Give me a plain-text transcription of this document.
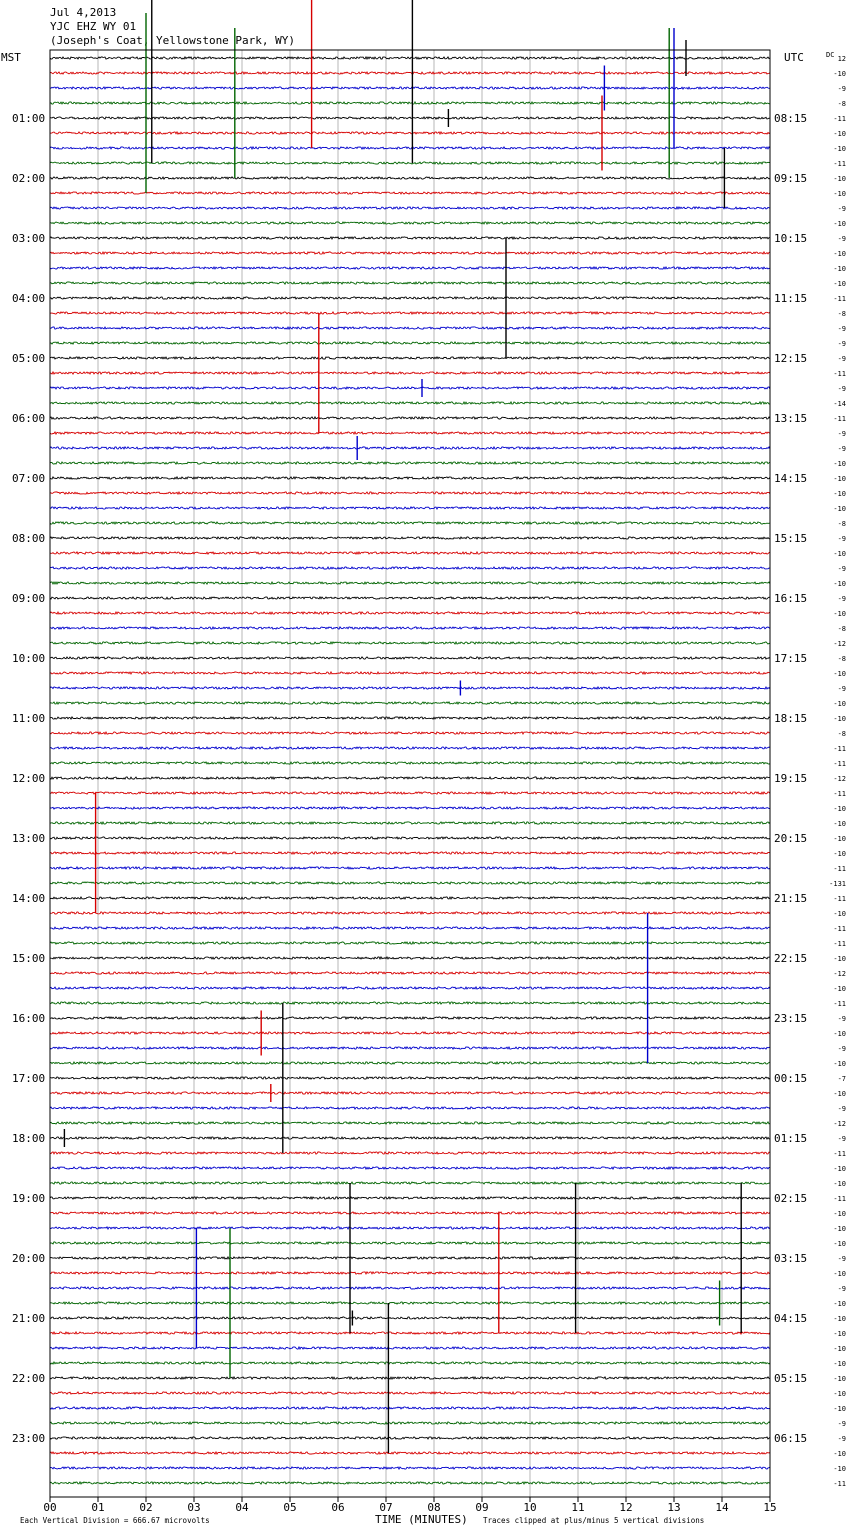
Jul 4,2013
YJC EHZ WY 01
(Joseph's Coat, Yellowstone Park, WY)
MST	UTC	DC
01:00	08:15
02:00	09:15
03:00	10:15
04:00	11:15
05:00	12:15
06:00	13:15
07:00	14:15
08:00	15:15
09:00	16:15
10:00	17:15
11:00	18:15
12:00	19:15
13:00	20:15
14:00	21:15
15:00	22:15
16:00	23:15
17:00	00:15
18:00	01:15
19:00	02:15
20:00	03:15
21:00	04:15
22:00	05:15
23:00	06:15
12
-10
-9
-8
-11
-10
-10
-11
-10
-10
-9
-10
-9
-10
-10
-10
-11
-8
-9
-9
-9
-11
-9
-14
-11
-9
-9
-10
-10
-10
-10
-8
-9
-10
-9
-10
-9
-10
-8
-12
-8
-10
-9
-10
-10
-8
-11
-11
-12
-11
-10
-10
-10
-10
-11
-131
-11
-10
-11
-11
-10
-12
-10
-11
-9
-10
-9
-10
-7
-10
-9
-12
-9
-11
-10
-10
-11
-10
-10
-10
-9
-10
-9
-10
-10
-10
-10
-10
-10
-10
-10
-9
-9
-10
-10
-11
00	01	02	03	04	05	06	07	08	09	10	11	12	13	14	15
Each Vertical Division = 666.67 microvolts	TIME (MINUTES) Traces clipped at plus/minus 5 vertical divisions
